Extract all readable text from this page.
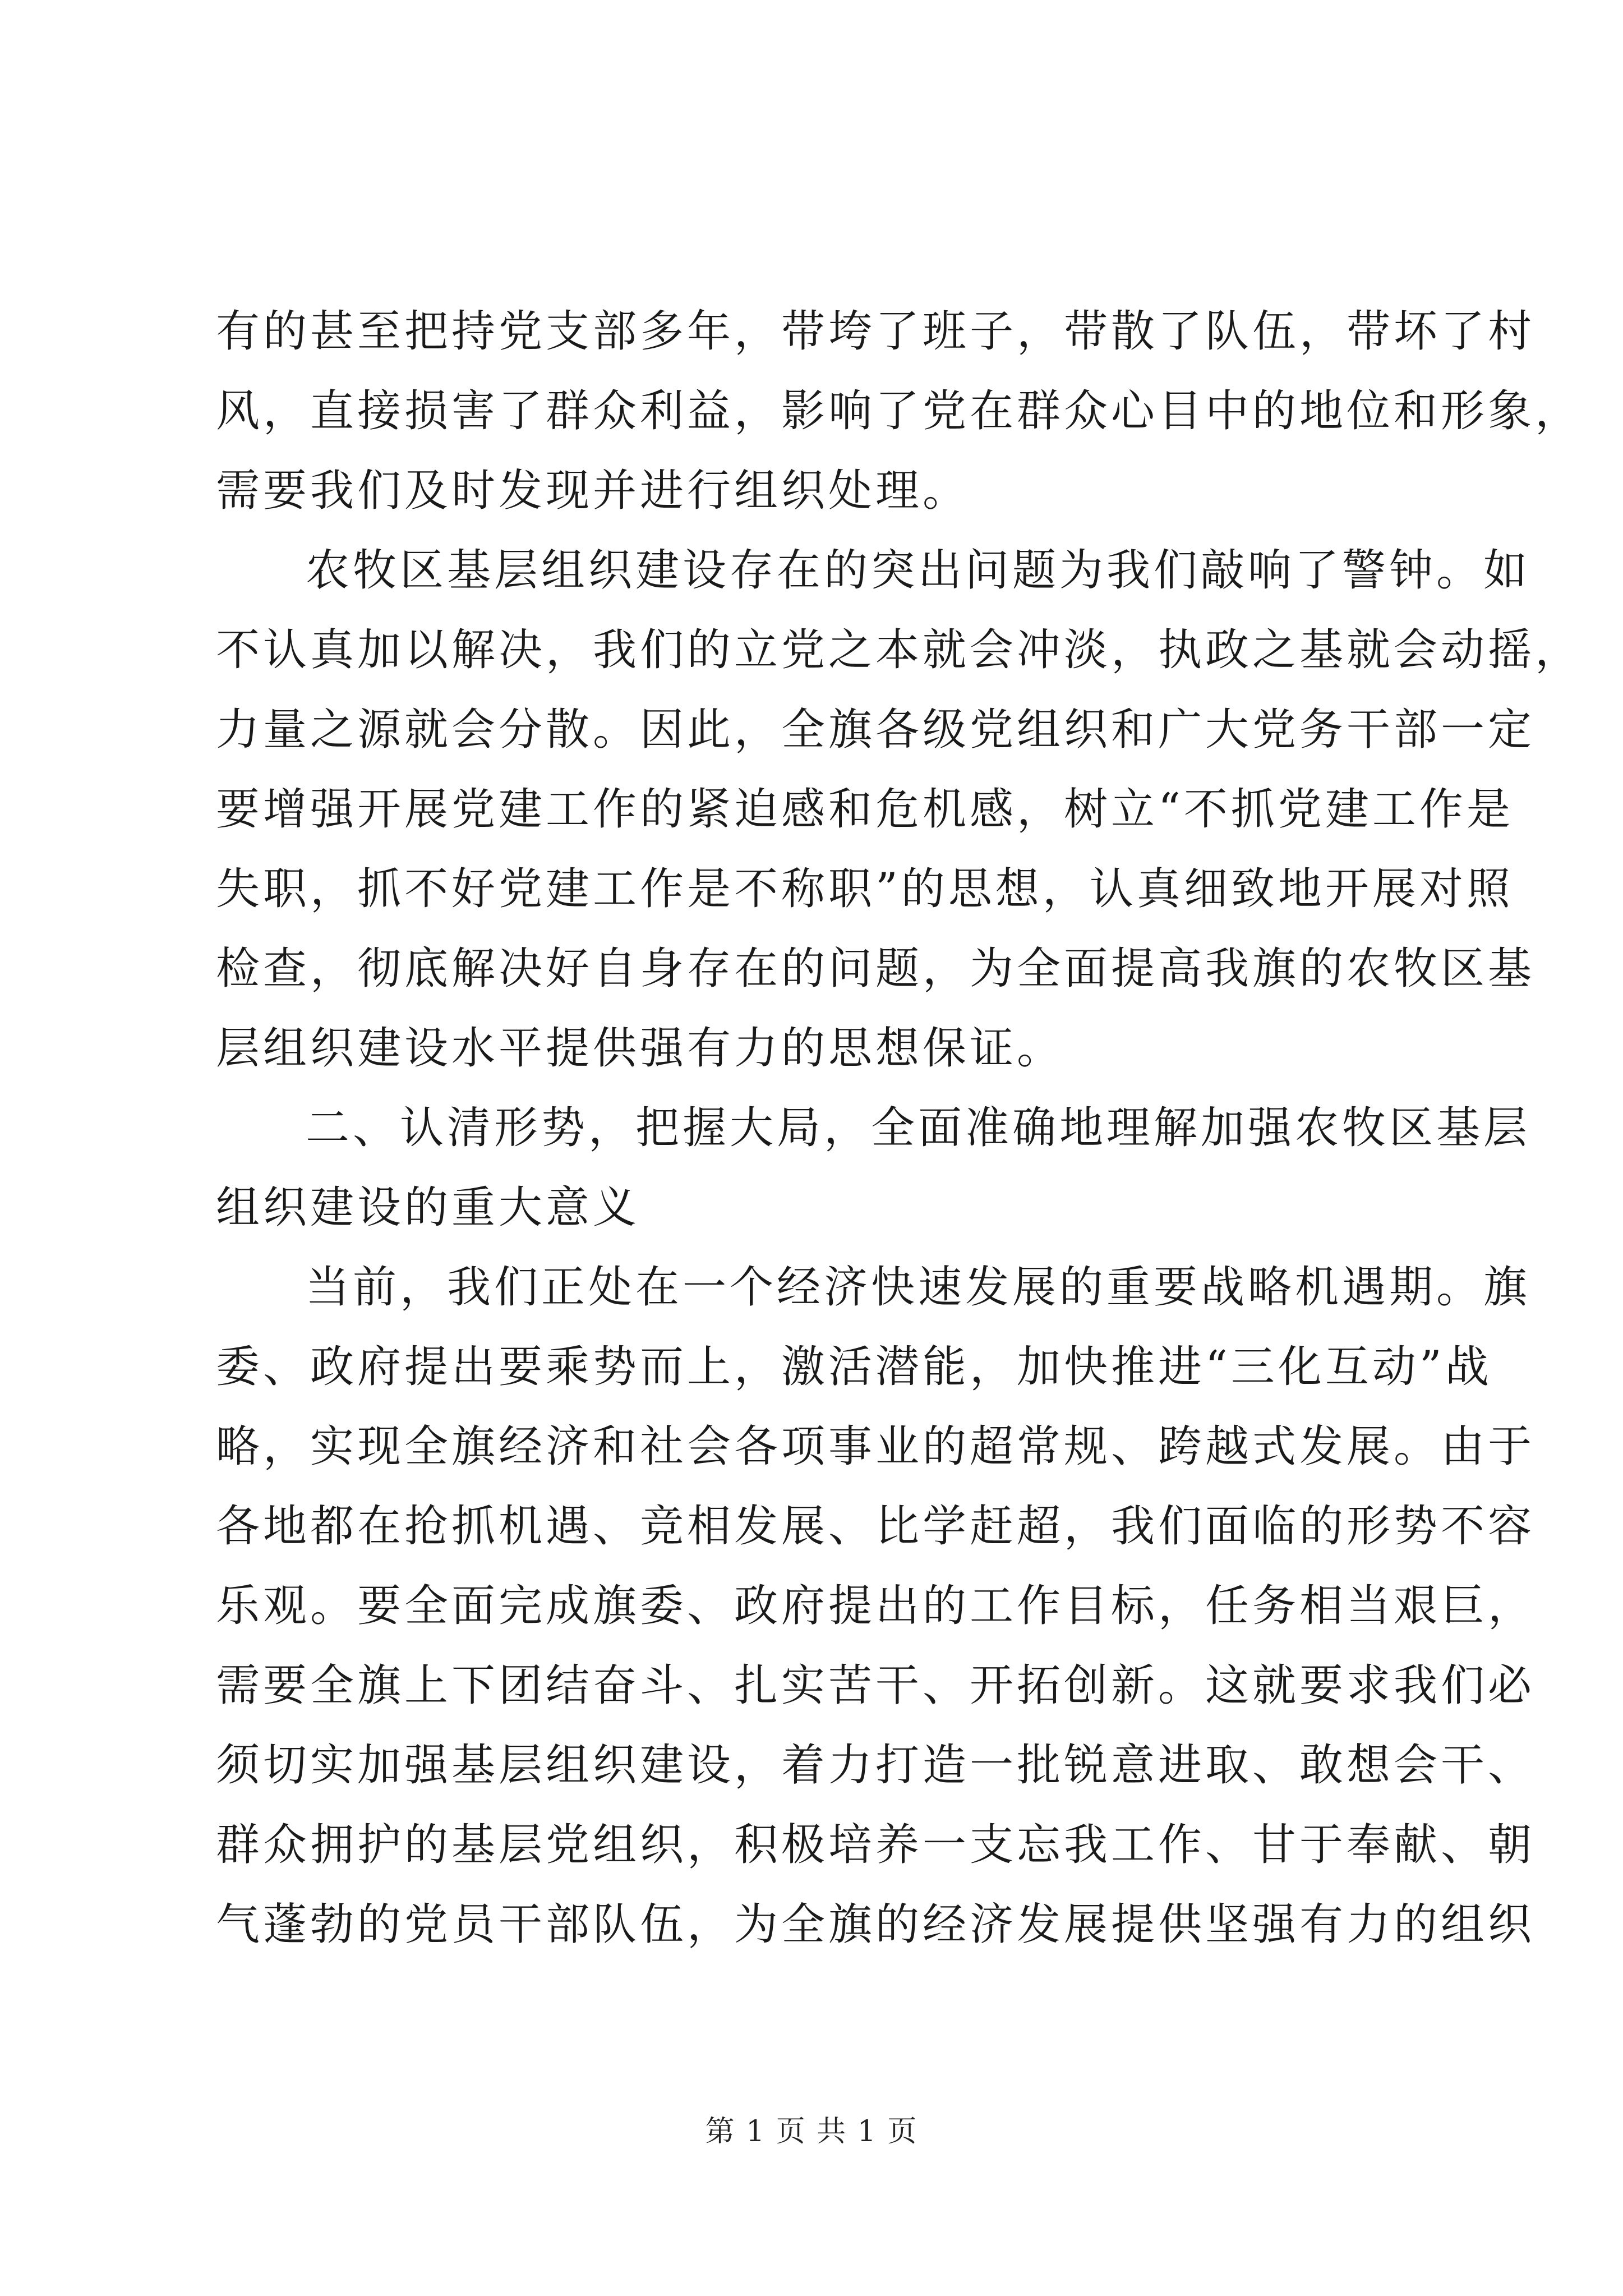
有的甚至把持党支部多年，带垮了班子，带散了队伍，带坏了村
风，直接损害了群众利益，影响了党在群众心目中的地位和形象，
需要我们及时发现并进行组织处理。
农牧区基层组织建设存在的突出问题为我们敲响了警钟。如
不认真加以解决，我们的立党之本就会冲淡，执政之基就会动摇，
力量之源就会分散。因此，全旗各级党组织和广大党务干部一定
要增强开展党建工作的紧迫感和危机感，树立“不抓党建工作是
失职，抓不好党建工作是不称职”的思想，认真细致地开展对照
检查，彻底解决好自身存在的问题，为全面提高我旗的农牧区基
层组织建设水平提供强有力的思想保证。
二、认清形势，把握大局，全面准确地理解加强农牧区基层
组织建设的重大意义
当前，我们正处在一个经济快速发展的重要战略机遇期。旗
委、政府提出要乘势而上，激活潜能，加快推进“三化互动”战
略，实现全旗经济和社会各项事业的超常规、跨越式发展。由于
各地都在抢抓机遇、竞相发展、比学赶超，我们面临的形势不容
乐观。要全面完成旗委、政府提出的工作目标，任务相当艰巨，
需要全旗上下团结奋斗、扎实苦干、开拓创新。这就要求我们必
须切实加强基层组织建设，着力打造一批锐意进取、敢想会干、
群众拥护的基层党组织，积极培养一支忘我工作、甘于奉献、朝
气蓬勃的党员干部队伍，为全旗的经济发展提供坚强有力的组织
第 1 页 共 1 页
